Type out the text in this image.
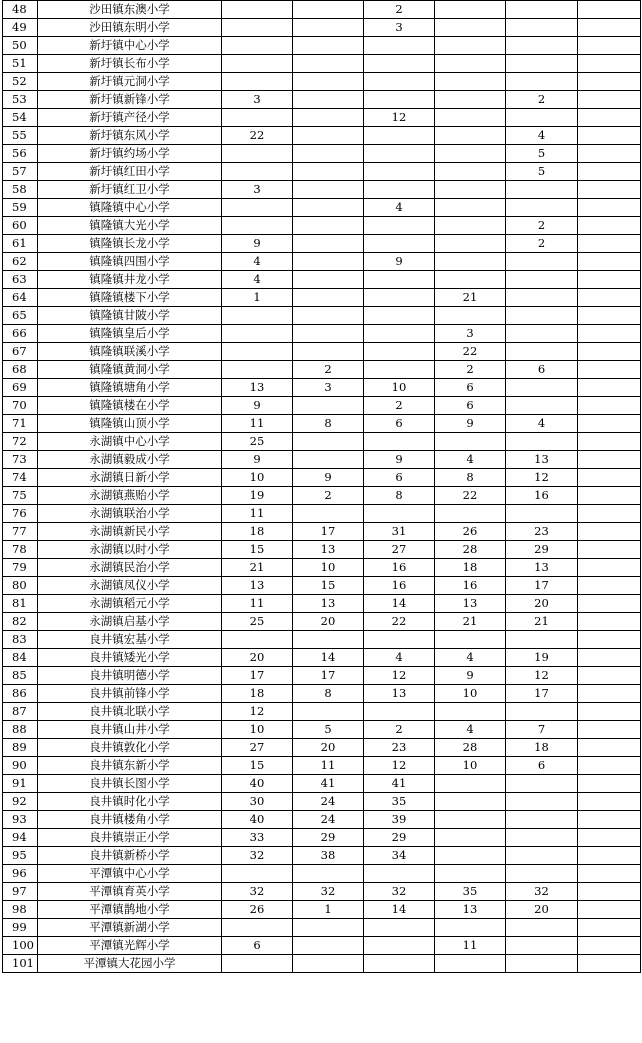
48	沙田镇东澳小学			2			
49	沙田镇东明小学			3			
50	新圩镇中心小学						
51	新圩镇长布小学						
52	新圩镇元洞小学						
53	新圩镇新锋小学	3				2	
54	新圩镇产径小学			12			
55	新圩镇东风小学	22				4	
56	新圩镇约场小学					5	
57	新圩镇红田小学					5	
58	新圩镇红卫小学	3					
59	镇隆镇中心小学			4			
60	镇隆镇大光小学					2	
61	镇隆镇长龙小学	9				2	
62	镇隆镇四围小学	4		9			
63	镇隆镇井龙小学	4					
64	镇隆镇楼下小学	1			21		
65	镇隆镇甘陂小学						
66	镇隆镇皇后小学				3		
67	镇隆镇联溪小学				22		
68	镇隆镇黄洞小学		2		2	6	
69	镇隆镇塘角小学	13	3	10	6		
70	镇隆镇楼在小学	9		2	6		
71	镇隆镇山顶小学	11	8	6	9	4	
72	永湖镇中心小学	25					
73	永湖镇毅成小学	9		9	4	13	
74	永湖镇日新小学	10	9	6	8	12	
75	永湖镇燕贻小学	19	2	8	22	16	
76	永湖镇联治小学	11					
77	永湖镇新民小学	18	17	31	26	23	
78	永湖镇以时小学	15	13	27	28	29	
79	永湖镇民治小学	21	10	16	18	13	
80	永湖镇凤仪小学	13	15	16	16	17	
81	永湖镇稻元小学	11	13	14	13	20	
82	永湖镇启基小学	25	20	22	21	21	
83	良井镇宏基小学						
84	良井镇矮光小学	20	14	4	4	19	
85	良井镇明德小学	17	17	12	9	12	
86	良井镇前锋小学	18	8	13	10	17	
87	良井镇北联小学	12					
88	良井镇山井小学	10	5	2	4	7	
89	良井镇敦化小学	27	20	23	28	18	
90	良井镇东新小学	15	11	12	10	6	
91	良井镇长图小学	40	41	41			
92	良井镇时化小学	30	24	35			
93	良井镇楼角小学	40	24	39			
94	良井镇崇正小学	33	29	29			
95	良井镇新桥小学	32	38	34			
96	平潭镇中心小学						
97	平潭镇育英小学	32	32	32	35	32	
98	平潭镇鹊地小学	26	1	14	13	20	
99	平潭镇新湖小学						
100	平潭镇光辉小学	6			11		
101	平潭镇大花园小学						
